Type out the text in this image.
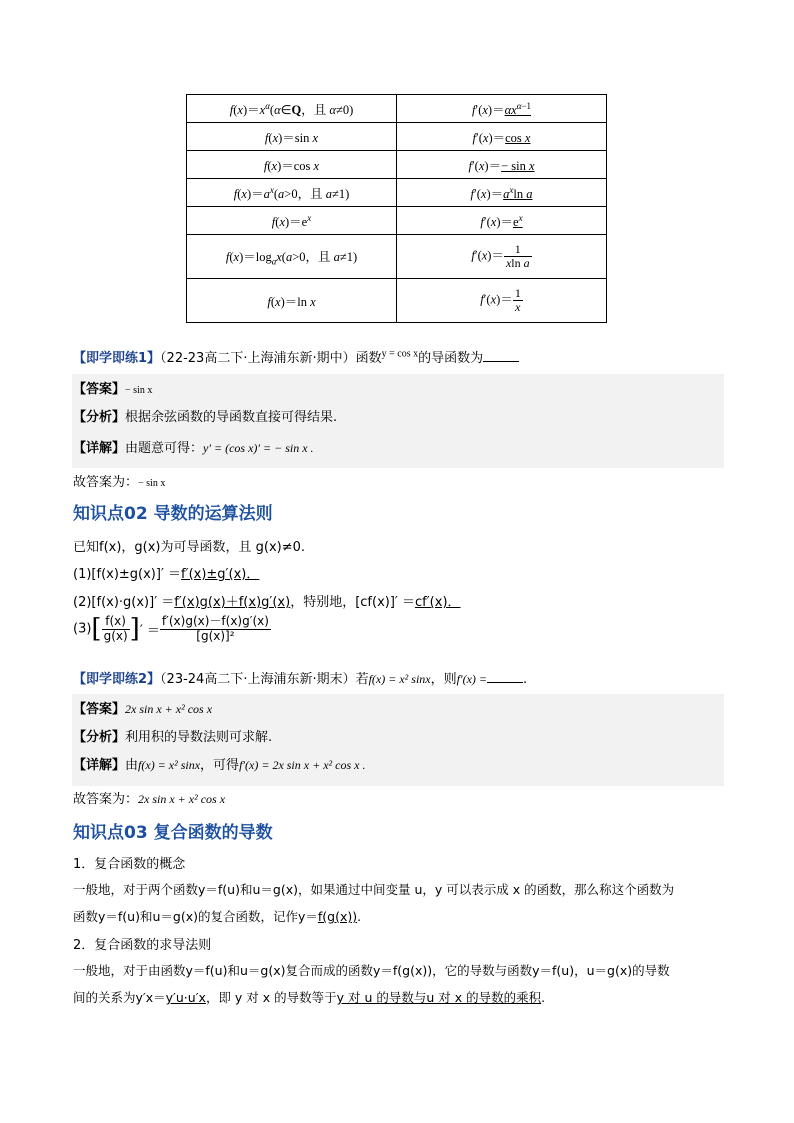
$f(x)=x^\alpha(\alpha\in Q$，且 α≠0)	$f'(x)=\alpha x^{\alpha-1}$
f(x)＝sin x	f′(x)＝cos x
f(x)＝cos x	f′(x)＝− sin x
$f(x)=a^x(a>0$，且 a≠1)	$f'(x)=a^x\ln$ a
$f(x)=e^x$	$f'(x)=e^x$
$f(x)=\log_ax(a>0$，且 a≠1)	$f'(x)= \frac{1}{\text{xln a}}$

f(x)＝ln x	$f'(x)= \frac{1}{x}$
【即学即练1】（22-23高二下·上海浦东新·期中）函数$^{y = cos x}$的导函数为
【答案】− sin x
【分析】根据余弦函数的导函数直接可得结果.
【详解】由题意可得：y′ = (cos x)′ = − sin x .
故答案为：− sin x
知识点02 导数的运算法则
已知f(x)，g(x)为可导函数，且 g(x)≠0.
(1)[f(x)±g(x)]′ ＝f′(x)±g′(x)．
(2)[f(x)·g(x)]′ ＝f′(x)g(x)＋f(x)g′(x)，特别地，[cf(x)]′ ＝cf′(x)．
$(3)[ \frac{f(x)}{g(x)}$ ]′ ＝ $\frac{f'(x)g(x)-f(x)g'(x)}{\text{[g(x)]²}}$
【即学即练2】（23-24高二下·上海浦东新·期末）若f(x) = x² sinx，则f′(x) =	.
【答案】2x sin x + x² cos x
【分析】利用积的导数法则可求解.
【详解】由f(x) = x² sinx，可得f′(x) = 2x sin x + x² cos x .
故答案为：2x sin x + x² cos x
知识点03 复合函数的导数
1．复合函数的概念
一般地，对于两个函数y＝f(u)和u＝g(x)，如果通过中间变量 u，y 可以表示成 x 的函数，那么称这个函数为
函数y＝f(u)和u＝g(x)的复合函数，记作y＝f(g(x)).
2．复合函数的求导法则
一般地，对于由函数y＝f(u)和u＝g(x)复合而成的函数y＝f(g(x))，它的导数与函数y＝f(u)，u＝g(x)的导数
间的关系为y′x＝y′u·u′x，即 y 对 x 的导数等于y 对 u 的导数与u 对 x 的导数的乘积.
